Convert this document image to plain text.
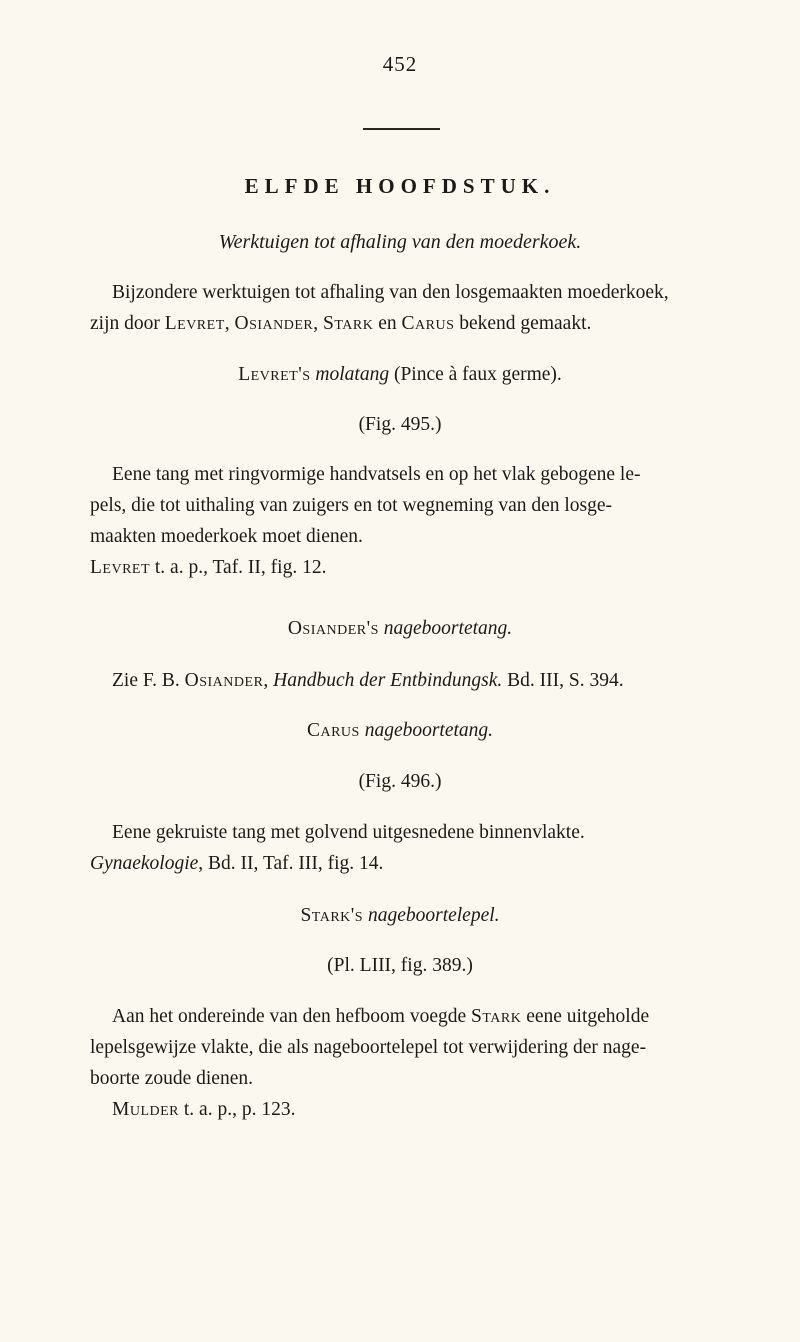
452
ELFDE HOOFDSTUK.
Werktuigen tot afhaling van den moederkoek.
Bijzondere werktuigen tot afhaling van den losgemaakten moederkoek,
zijn door Levret, Osiander, Stark en Carus bekend gemaakt.
Levret's molatang (Pince à faux germe).
(Fig. 495.)
Eene tang met ringvormige handvatsels en op het vlak gebogene le-
pels, die tot uithaling van zuigers en tot wegneming van den losge-
maakten moederkoek moet dienen.
Levret t. a. p., Taf. II, fig. 12.
Osiander's nageboortetang.
Zie F. B. Osiander, Handbuch der Entbindungsk. Bd. III, S. 394.
Carus nageboortetang.
(Fig. 496.)
Eene gekruiste tang met golvend uitgesnedene binnenvlakte.
Gynaekologie, Bd. II, Taf. III, fig. 14.
Stark's nageboortelepel.
(Pl. LIII, fig. 389.)
Aan het ondereinde van den hefboom voegde Stark eene uitgeholde
lepelsgewijze vlakte, die als nageboortelepel tot verwijdering der nage-
boorte zoude dienen.
Mulder t. a. p., p. 123.
